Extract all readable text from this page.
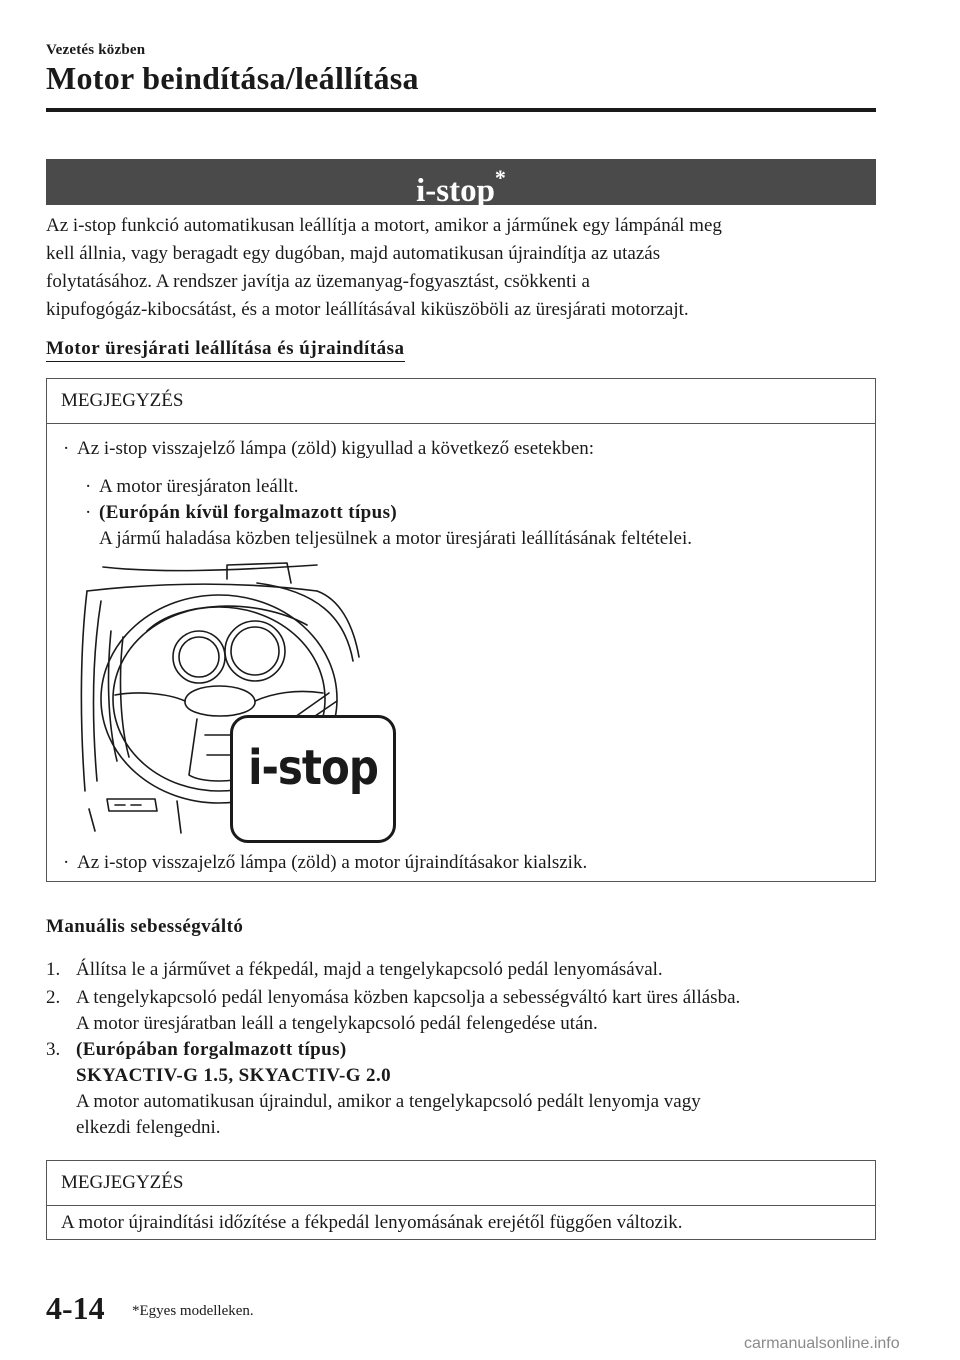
Vezetés közben
Motor beindítása/leállítása
i-stop*
Az i-stop funkció automatikusan leállítja a motort, amikor a járműnek egy lámpánál meg
kell állnia, vagy beragadt egy dugóban, majd automatikusan újraindítja az utazás
folytatásához. A rendszer javítja az üzemanyag-fogyasztást, csökkenti a
kipufogógáz-kibocsátást, és a motor leállításával kiküszöböli az üresjárati motorzajt.
Motor üresjárati leállítása és újraindítása
MEGJEGYZÉS
· Az i-stop visszajelző lámpa (zöld) kigyullad a következő esetekben:
· A motor üresjáraton leállt.
· (Európán kívül forgalmazott típus)
A jármű haladása közben teljesülnek a motor üresjárati leállításának feltételei.
i-stop
· Az i-stop visszajelző lámpa (zöld) a motor újraindításakor kialszik.
Manuális sebességváltó
1. Állítsa le a járművet a fékpedál, majd a tengelykapcsoló pedál lenyomásával.
2. A tengelykapcsoló pedál lenyomása közben kapcsolja a sebességváltó kart üres állásba.
A motor üresjáratban leáll a tengelykapcsoló pedál felengedése után.
3. (Európában forgalmazott típus)
SKYACTIV-G 1.5, SKYACTIV-G 2.0
A motor automatikusan újraindul, amikor a tengelykapcsoló pedált lenyomja vagy
elkezdi felengedni.
MEGJEGYZÉS
A motor újraindítási időzítése a fékpedál lenyomásának erejétől függően változik.
4-14 *Egyes modelleken.
carmanualsonline.info
